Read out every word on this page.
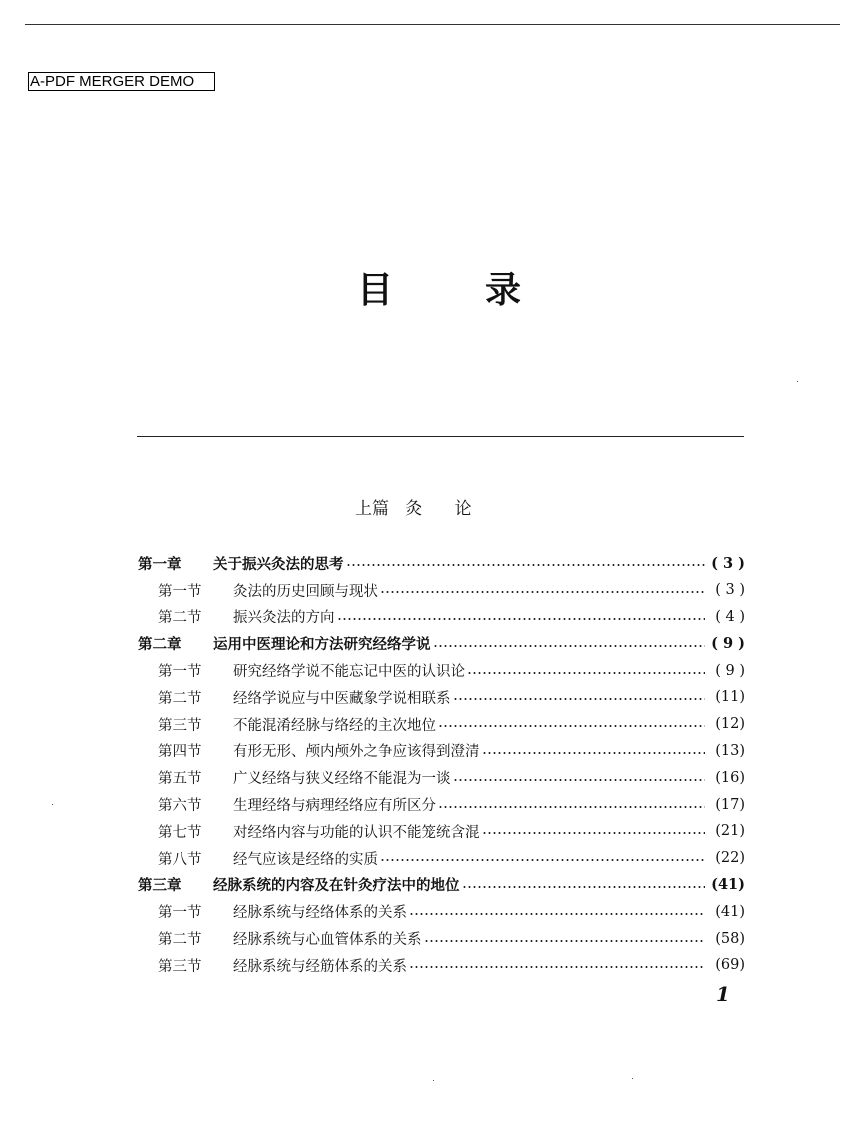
A-PDF MERGER DEMO
目	录
上篇   灸      论
第一章	关于振兴灸法的思考	( 3 )
第一节	灸法的历史回顾与现状	( 3 )
第二节	振兴灸法的方向	( 4 )
第二章	运用中医理论和方法研究经络学说	( 9 )
第一节	研究经络学说不能忘记中医的认识论	( 9 )
第二节	经络学说应与中医藏象学说相联系	(11)
第三节	不能混淆经脉与络经的主次地位	(12)
第四节	有形无形、颅内颅外之争应该得到澄清	(13)
第五节	广义经络与狭义经络不能混为一谈	(16)
第六节	生理经络与病理经络应有所区分	(17)
第七节	对经络内容与功能的认识不能笼统含混	(21)
第八节	经气应该是经络的实质	(22)
第三章	经脉系统的内容及在针灸疗法中的地位	(41)
第一节	经脉系统与经络体系的关系	(41)
第二节	经脉系统与心血管体系的关系	(58)
第三节	经脉系统与经筋体系的关系	(69)
1
